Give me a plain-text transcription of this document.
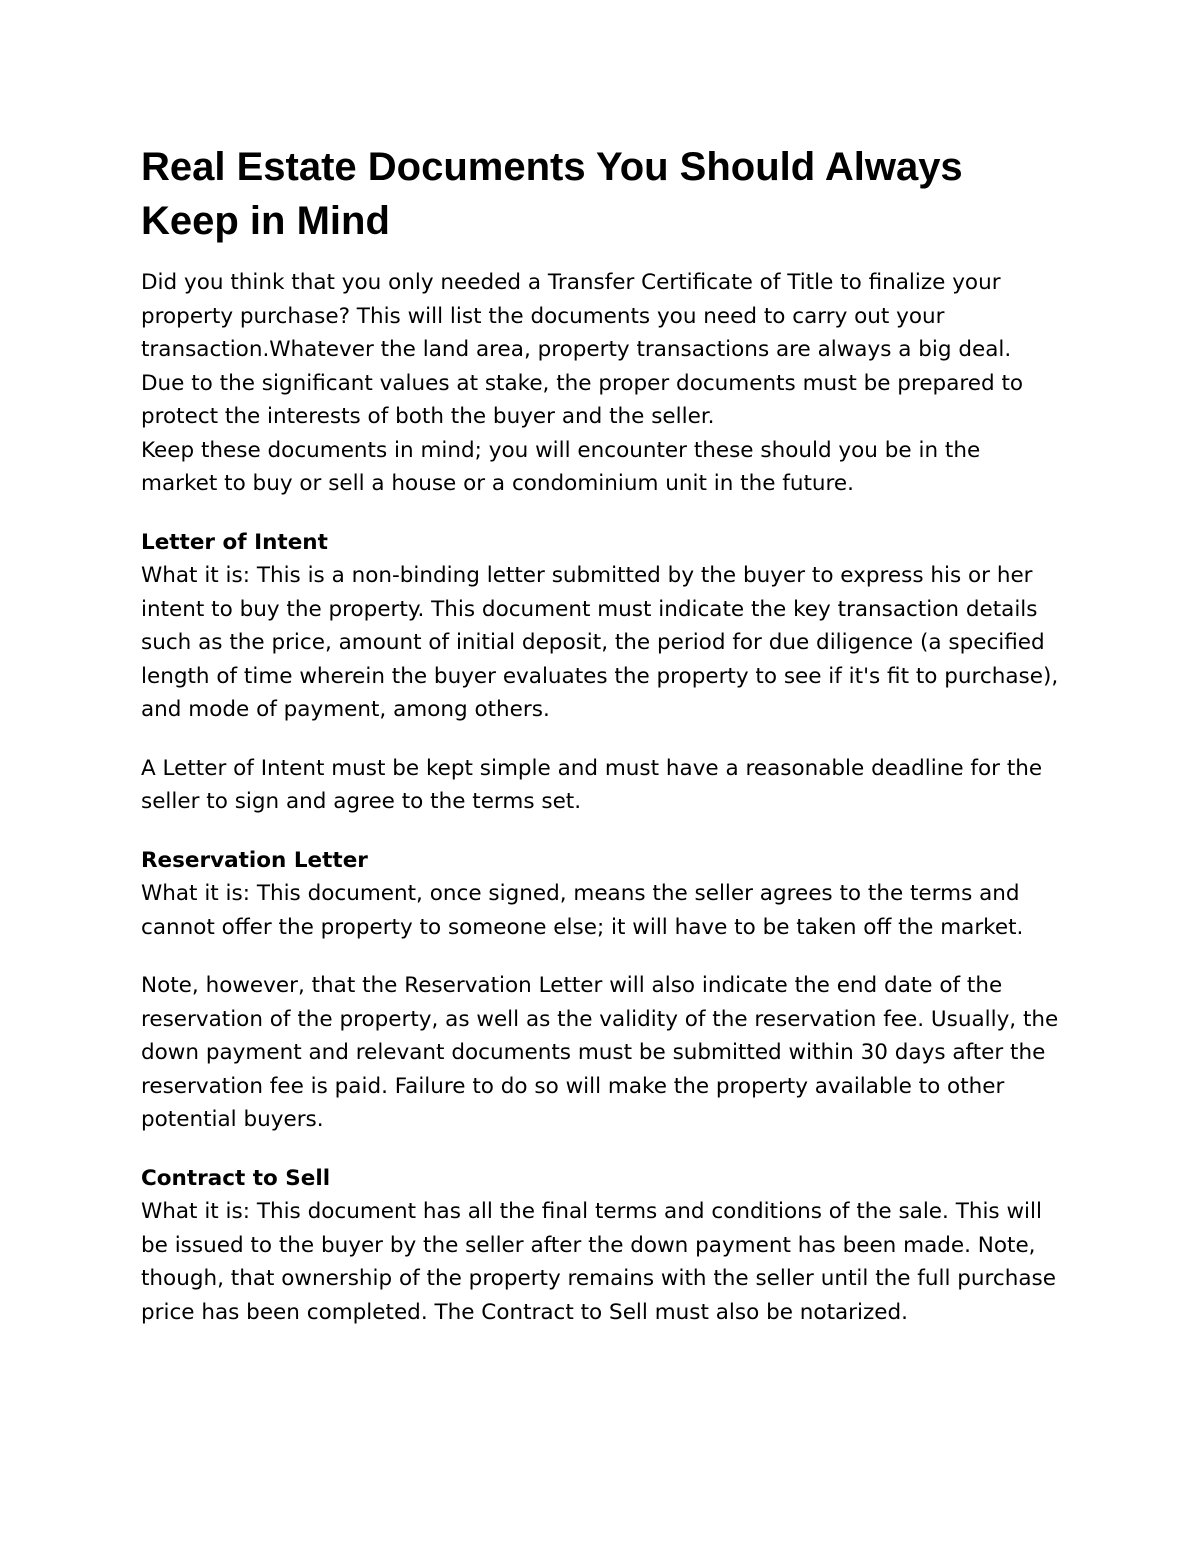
Real Estate Documents You Should Always Keep in Mind

Did you think that you only needed a Transfer Certificate of Title to finalize your property purchase? This will list the documents you need to carry out your transaction.Whatever the land area, property transactions are always a big deal. Due to the significant values at stake, the proper documents must be prepared to protect the interests of both the buyer and the seller.

Keep these documents in mind; you will encounter these should you be in the market to buy or sell a house or a condominium unit in the future.

Letter of Intent

What it is: This is a non-binding letter submitted by the buyer to express his or her intent to buy the property. This document must indicate the key transaction details such as the price, amount of initial deposit, the period for due diligence (a specified length of time wherein the buyer evaluates the property to see if it's fit to purchase), and mode of payment, among others.

A Letter of Intent must be kept simple and must have a reasonable deadline for the seller to sign and agree to the terms set.

Reservation Letter

What it is: This document, once signed, means the seller agrees to the terms and cannot offer the property to someone else; it will have to be taken off the market.

Note, however, that the Reservation Letter will also indicate the end date of the reservation of the property, as well as the validity of the reservation fee. Usually, the down payment and relevant documents must be submitted within 30 days after the reservation fee is paid. Failure to do so will make the property available to other potential buyers.

Contract to Sell

What it is: This document has all the final terms and conditions of the sale. This will be issued to the buyer by the seller after the down payment has been made. Note, though, that ownership of the property remains with the seller until the full purchase price has been completed. The Contract to Sell must also be notarized.
